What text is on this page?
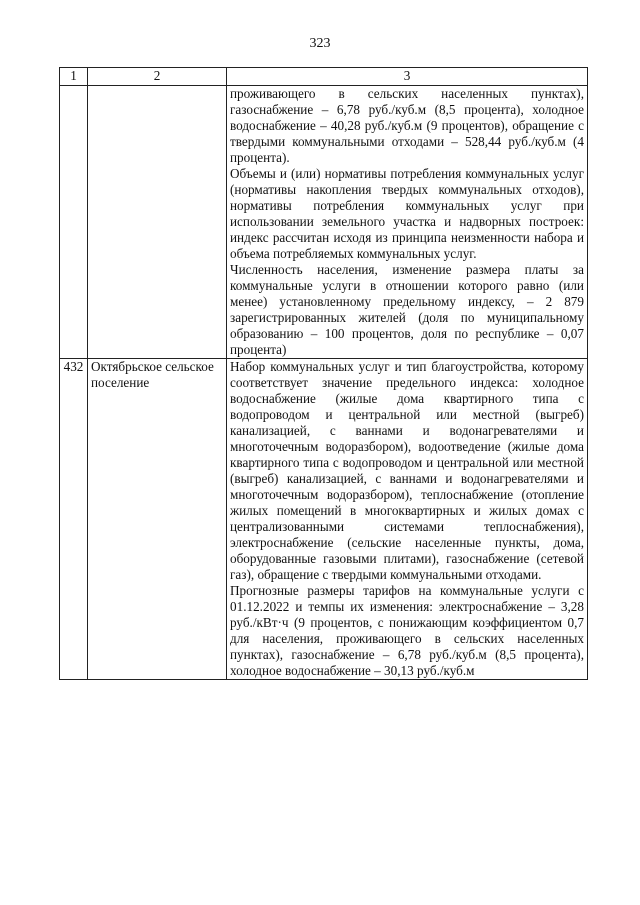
323
1	2	3

		проживающего в сельских населенных пунктах), газоснабжение – 6,78 руб./куб.м (8,5 процента), холодное водоснабжение – 40,28 руб./куб.м (9 процентов), обращение с твердыми коммунальными отходами – 528,44 руб./куб.м (4 процента).

Объемы и (или) нормативы потребления коммунальных услуг (нормативы накопления твердых коммунальных отходов), нормативы потребления коммунальных услуг при использовании земельного участка и надворных построек: индекс рассчитан исходя из принципа неизменности набора и объема потребляемых коммунальных услуг.

Численность населения, изменение размера платы за коммунальные услуги в отношении которого равно (или менее) установленному предельному индексу, – 2 879 зарегистрированных жителей (доля по муниципальному образованию – 100 процентов, доля по республике – 0,07 процента)

432	Октябрьское сельское поселение	Набор коммунальных услуг и тип благоустройства, которому соответствует значение предельного индекса: холодное водоснабжение (жилые дома квартирного типа с водопроводом и центральной или местной (выгреб) канализацией, с ваннами и водонагревателями и многоточечным водоразбором), водоотведение (жилые дома квартирного типа с водопроводом и центральной или местной (выгреб) канализацией, с ваннами и водонагревателями и многоточечным водоразбором), теплоснабжение (отопление жилых помещений в многоквартирных и жилых домах с централизованными системами теплоснабжения), электроснабжение (сельские населенные пункты, дома, оборудованные газовыми плитами), газоснабжение (сетевой газ), обращение с твердыми коммунальными отходами.

Прогнозные размеры тарифов на коммунальные услуги с 01.12.2022 и темпы их изменения: электроснабжение – 3,28 руб./кВт·ч (9 процентов, с понижающим коэффициентом 0,7 для населения, проживающего в сельских населенных пунктах), газоснабжение – 6,78 руб./куб.м (8,5 процента), холодное водоснабжение – 30,13 руб./куб.м
